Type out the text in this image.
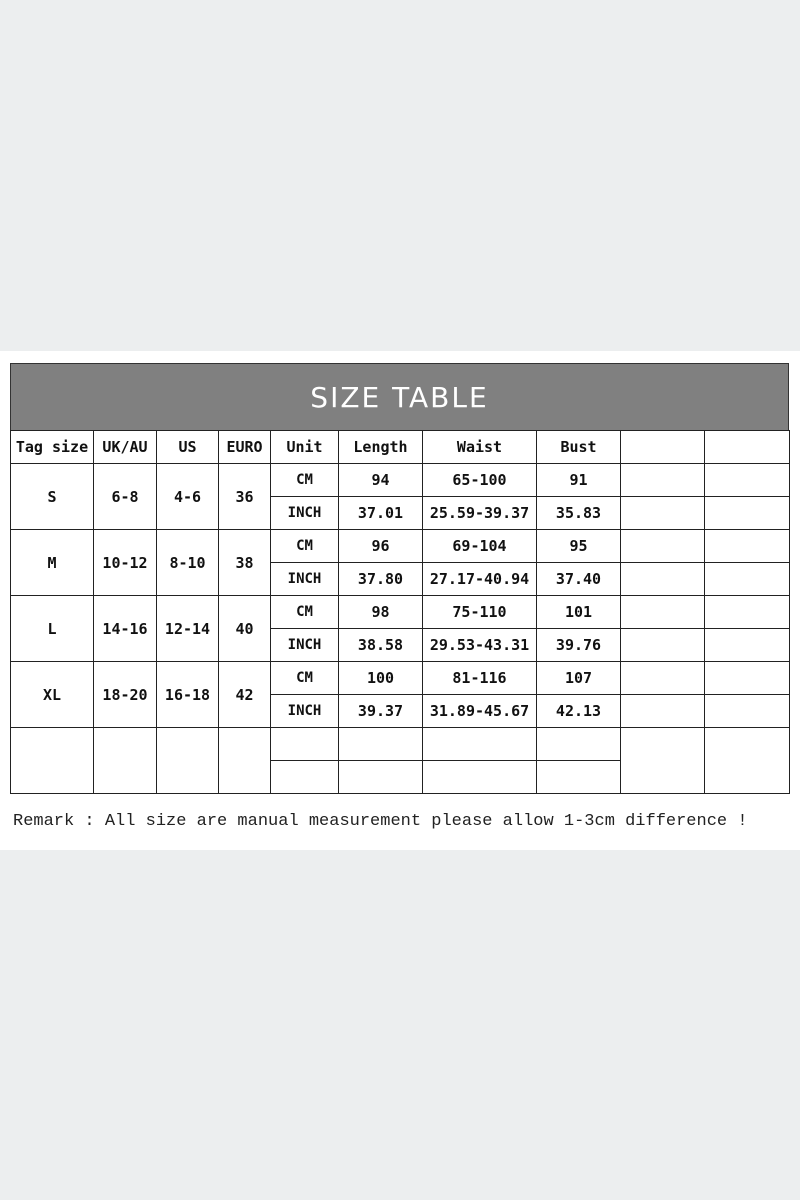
SIZE TABLE
Tag size	UK/AU	US	EURO	Unit	Length	Waist	Bust		
S	6-8	4-6	36	CM	94	65-100	91		
				INCH	37.01	25.59-39.37	35.83		
M	10-12	8-10	38	CM	96	69-104	95		
				INCH	37.80	27.17-40.94	37.40		
L	14-16	12-14	40	CM	98	75-110	101		
				INCH	38.58	29.53-43.31	39.76		
XL	18-20	16-18	42	CM	100	81-116	107		
				INCH	39.37	31.89-45.67	42.13		

Remark : All size are manual measurement please allow 1-3cm difference !
